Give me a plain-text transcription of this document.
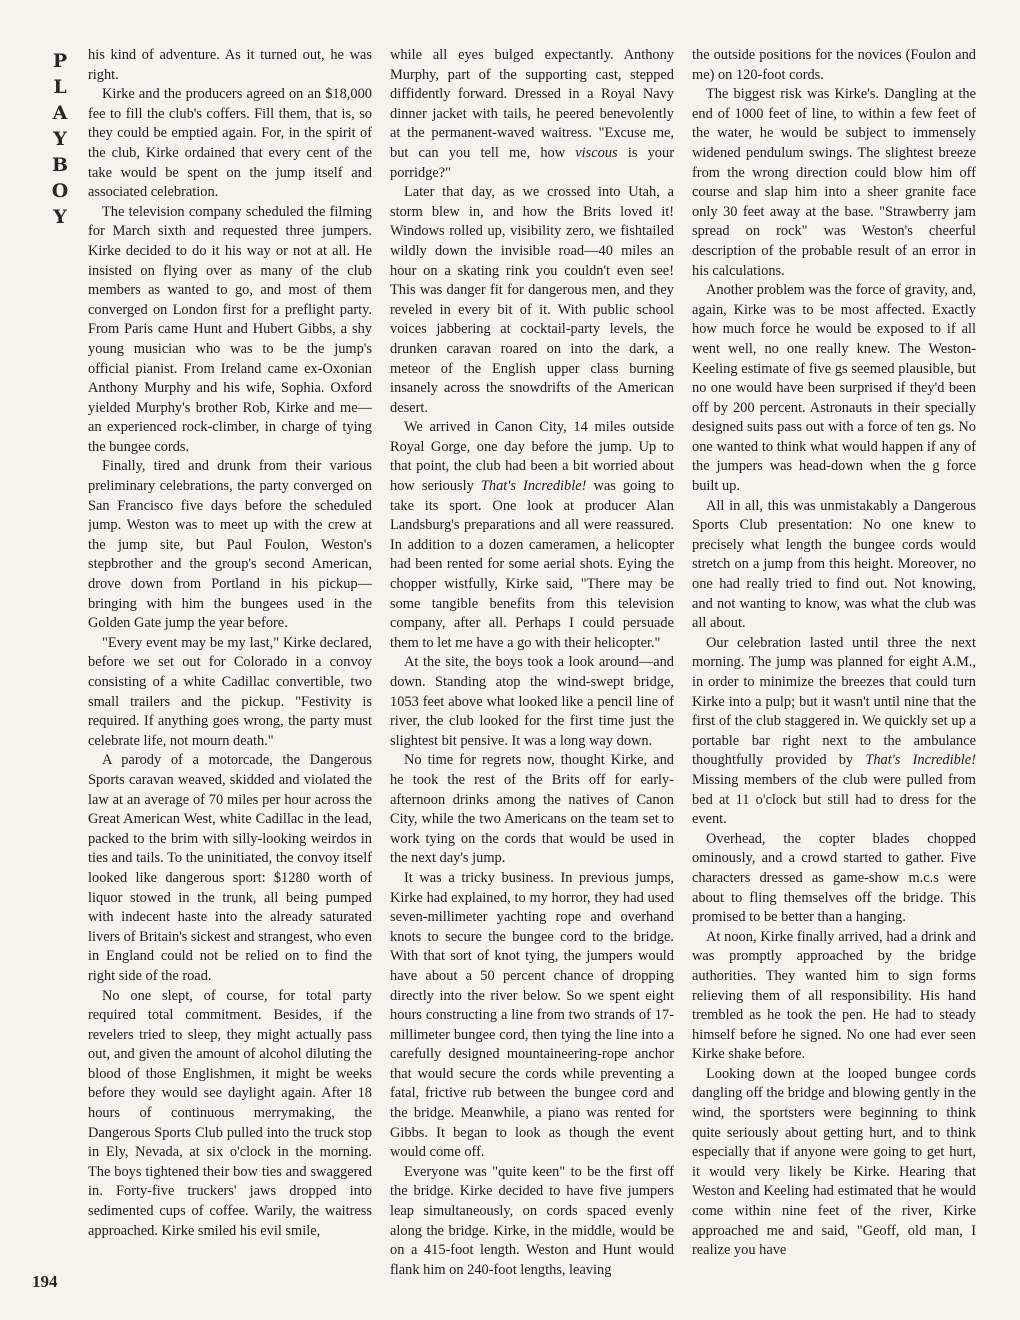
P
L
A
Y
B
O
Y
194

his kind of adventure. As it turned out, he was right.

Kirke and the producers agreed on an $18,000 fee to fill the club's coffers. Fill them, that is, so they could be emptied again. For, in the spirit of the club, Kirke ordained that every cent of the take would be spent on the jump itself and associated celebration.

The television company scheduled the filming for March sixth and requested three jumpers. Kirke decided to do it his way or not at all. He insisted on flying over as many of the club members as wanted to go, and most of them converged on London first for a preflight party. From Paris came Hunt and Hubert Gibbs, a shy young musician who was to be the jump's official pianist. From Ireland came ex-Oxonian Anthony Murphy and his wife, Sophia. Oxford yielded Murphy's brother Rob, Kirke and me—an experienced rock-climber, in charge of tying the bungee cords.

Finally, tired and drunk from their various preliminary celebrations, the party converged on San Francisco five days before the scheduled jump. Weston was to meet up with the crew at the jump site, but Paul Foulon, Weston's stepbrother and the group's second American, drove down from Portland in his pickup—bringing with him the bungees used in the Golden Gate jump the year before.

"Every event may be my last," Kirke declared, before we set out for Colorado in a convoy consisting of a white Cadillac convertible, two small trailers and the pickup. "Festivity is required. If anything goes wrong, the party must celebrate life, not mourn death."

A parody of a motorcade, the Dangerous Sports caravan weaved, skidded and violated the law at an average of 70 miles per hour across the Great American West, white Cadillac in the lead, packed to the brim with silly-looking weirdos in ties and tails. To the uninitiated, the convoy itself looked like dangerous sport: $1280 worth of liquor stowed in the trunk, all being pumped with indecent haste into the already saturated livers of Britain's sickest and strangest, who even in England could not be relied on to find the right side of the road.

No one slept, of course, for total party required total commitment. Besides, if the revelers tried to sleep, they might actually pass out, and given the amount of alcohol diluting the blood of those Englishmen, it might be weeks before they would see daylight again. After 18 hours of continuous merrymaking, the Dangerous Sports Club pulled into the truck stop in Ely, Nevada, at six o'clock in the morning. The boys tightened their bow ties and swaggered in. Forty-five truckers' jaws dropped into sedimented cups of coffee. Warily, the waitress approached. Kirke smiled his evil smile,

while all eyes bulged expectantly. Anthony Murphy, part of the supporting cast, stepped diffidently forward. Dressed in a Royal Navy dinner jacket with tails, he peered benevolently at the permanent-waved waitress. "Excuse me, but can you tell me, how viscous is your porridge?"

Later that day, as we crossed into Utah, a storm blew in, and how the Brits loved it! Windows rolled up, visibility zero, we fishtailed wildly down the invisible road—40 miles an hour on a skating rink you couldn't even see! This was danger fit for dangerous men, and they reveled in every bit of it. With public school voices jabbering at cocktail-party levels, the drunken caravan roared on into the dark, a meteor of the English upper class burning insanely across the snowdrifts of the American desert.

We arrived in Canon City, 14 miles outside Royal Gorge, one day before the jump. Up to that point, the club had been a bit worried about how seriously That's Incredible! was going to take its sport. One look at producer Alan Landsburg's preparations and all were reassured. In addition to a dozen cameramen, a helicopter had been rented for some aerial shots. Eying the chopper wistfully, Kirke said, "There may be some tangible benefits from this television company, after all. Perhaps I could persuade them to let me have a go with their helicopter."

At the site, the boys took a look around—and down. Standing atop the wind-swept bridge, 1053 feet above what looked like a pencil line of river, the club looked for the first time just the slightest bit pensive. It was a long way down.

No time for regrets now, thought Kirke, and he took the rest of the Brits off for early-afternoon drinks among the natives of Canon City, while the two Americans on the team set to work tying on the cords that would be used in the next day's jump.

It was a tricky business. In previous jumps, Kirke had explained, to my horror, they had used seven-millimeter yachting rope and overhand knots to secure the bungee cord to the bridge. With that sort of knot tying, the jumpers would have about a 50 percent chance of dropping directly into the river below. So we spent eight hours constructing a line from two strands of 17-millimeter bungee cord, then tying the line into a carefully designed mountaineering-rope anchor that would secure the cords while preventing a fatal, frictive rub between the bungee cord and the bridge. Meanwhile, a piano was rented for Gibbs. It began to look as though the event would come off.

Everyone was "quite keen" to be the first off the bridge. Kirke decided to have five jumpers leap simultaneously, on cords spaced evenly along the bridge. Kirke, in the middle, would be on a 415-foot length. Weston and Hunt would flank him on 240-foot lengths, leaving

the outside positions for the novices (Foulon and me) on 120-foot cords.

The biggest risk was Kirke's. Dangling at the end of 1000 feet of line, to within a few feet of the water, he would be subject to immensely widened pendulum swings. The slightest breeze from the wrong direction could blow him off course and slap him into a sheer granite face only 30 feet away at the base. "Strawberry jam spread on rock" was Weston's cheerful description of the probable result of an error in his calculations.

Another problem was the force of gravity, and, again, Kirke was to be most affected. Exactly how much force he would be exposed to if all went well, no one really knew. The Weston-Keeling estimate of five gs seemed plausible, but no one would have been surprised if they'd been off by 200 percent. Astronauts in their specially designed suits pass out with a force of ten gs. No one wanted to think what would happen if any of the jumpers was head-down when the g force built up.

All in all, this was unmistakably a Dangerous Sports Club presentation: No one knew to precisely what length the bungee cords would stretch on a jump from this height. Moreover, no one had really tried to find out. Not knowing, and not wanting to know, was what the club was all about.

Our celebration lasted until three the next morning. The jump was planned for eight A.M., in order to minimize the breezes that could turn Kirke into a pulp; but it wasn't until nine that the first of the club staggered in. We quickly set up a portable bar right next to the ambulance thoughtfully provided by That's Incredible! Missing members of the club were pulled from bed at 11 o'clock but still had to dress for the event.

Overhead, the copter blades chopped ominously, and a crowd started to gather. Five characters dressed as game-show m.c.s were about to fling themselves off the bridge. This promised to be better than a hanging.

At noon, Kirke finally arrived, had a drink and was promptly approached by the bridge authorities. They wanted him to sign forms relieving them of all responsibility. His hand trembled as he took the pen. He had to steady himself before he signed. No one had ever seen Kirke shake before.

Looking down at the looped bungee cords dangling off the bridge and blowing gently in the wind, the sportsters were beginning to think quite seriously about getting hurt, and to think especially that if anyone were going to get hurt, it would very likely be Kirke. Hearing that Weston and Keeling had estimated that he would come within nine feet of the river, Kirke approached me and said, "Geoff, old man, I realize you have
